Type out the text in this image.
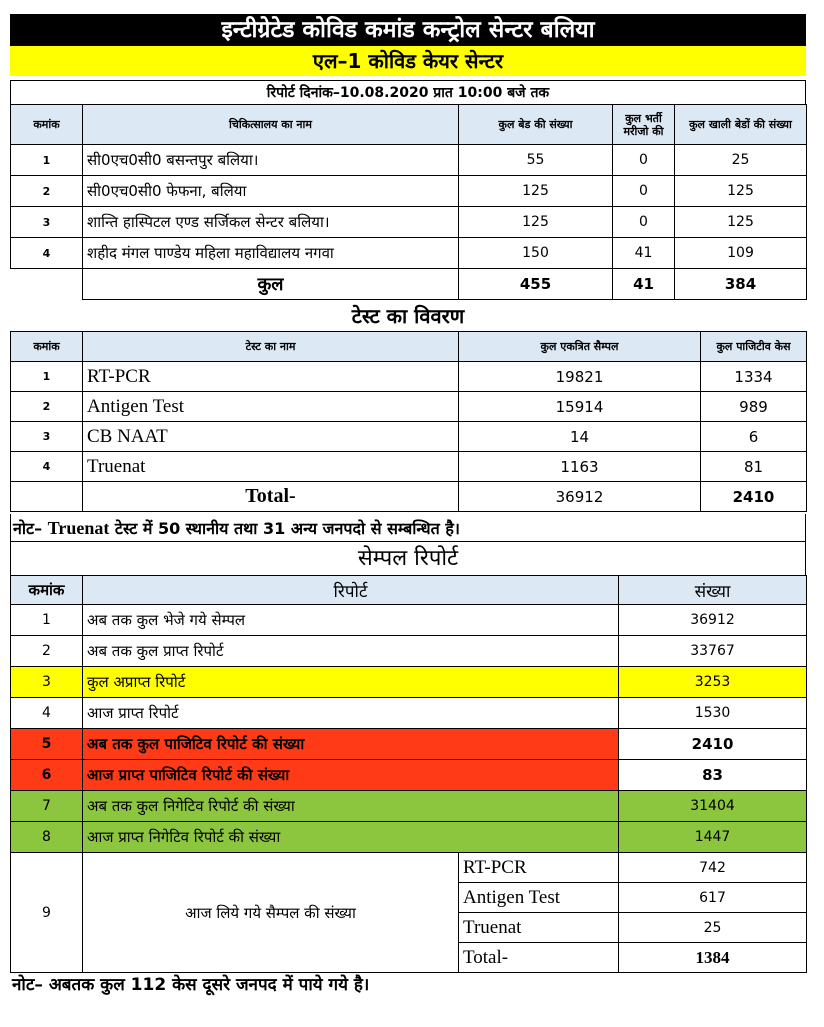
इन्टीग्रेटेड कोविड कमांड कन्ट्रोल सेन्टर बलिया
एल–1 कोविड केयर सेन्टर
रिपोर्ट दिनांक–10.08.2020 प्रात 10:00 बजे तक
कमांक	चिकित्सालय का नाम	कुल बेड की संख्या	कुल भर्ती मरीजो की	कुल खाली बेडों की संख्या
1	सी0एच0सी0 बसन्तपुर बलिया।	55	0	25
2	सी0एच0सी0 फेफना, बलिया	125	0	125
3	शान्ति हास्पिटल एण्ड सर्जिकल सेन्टर बलिया।	125	0	125
4	शहीद मंगल पाण्डेय महिला महाविद्यालय नगवा	150	41	109
	कुल	455	41	384
टेस्ट का विवरण
कमांक	टेस्ट का नाम	कुल एकत्रित सैम्पल	कुल पाजिटीव केस
1	RT-PCR	19821	1334
2	Antigen Test	15914	989
3	CB NAAT	14	6
4	Truenat	1163	81
	Total-	36912	2410
नोट– Truenat टेस्ट में 50 स्थानीय तथा 31 अन्य जनपदो से सम्बन्धित है।
सेम्पल रिपोर्ट
कमांक	रिपोर्ट		संख्या
1	अब तक कुल भेजे गये सेम्पल		36912
2	अब तक कुल प्राप्त रिपोर्ट		33767
3	कुल अप्राप्त रिपोर्ट		3253
4	आज प्राप्त रिपोर्ट		1530
5	अब तक कुल पाजिटिव रिपोर्ट की संख्या		2410
6	आज प्राप्त पाजिटिव रिपोर्ट की संख्या		83
7	अब तक कुल निगेटिव रिपोर्ट की संख्या		31404
8	आज प्राप्त निगेटिव रिपोर्ट की संख्या		1447
9	आज लिये गये सैम्पल की संख्या	RT-PCR	742
		Antigen Test	617
		Truenat	25
		Total-	1384
नोट– अबतक कुल 112 केस दूसरे जनपद में पाये गये है।
